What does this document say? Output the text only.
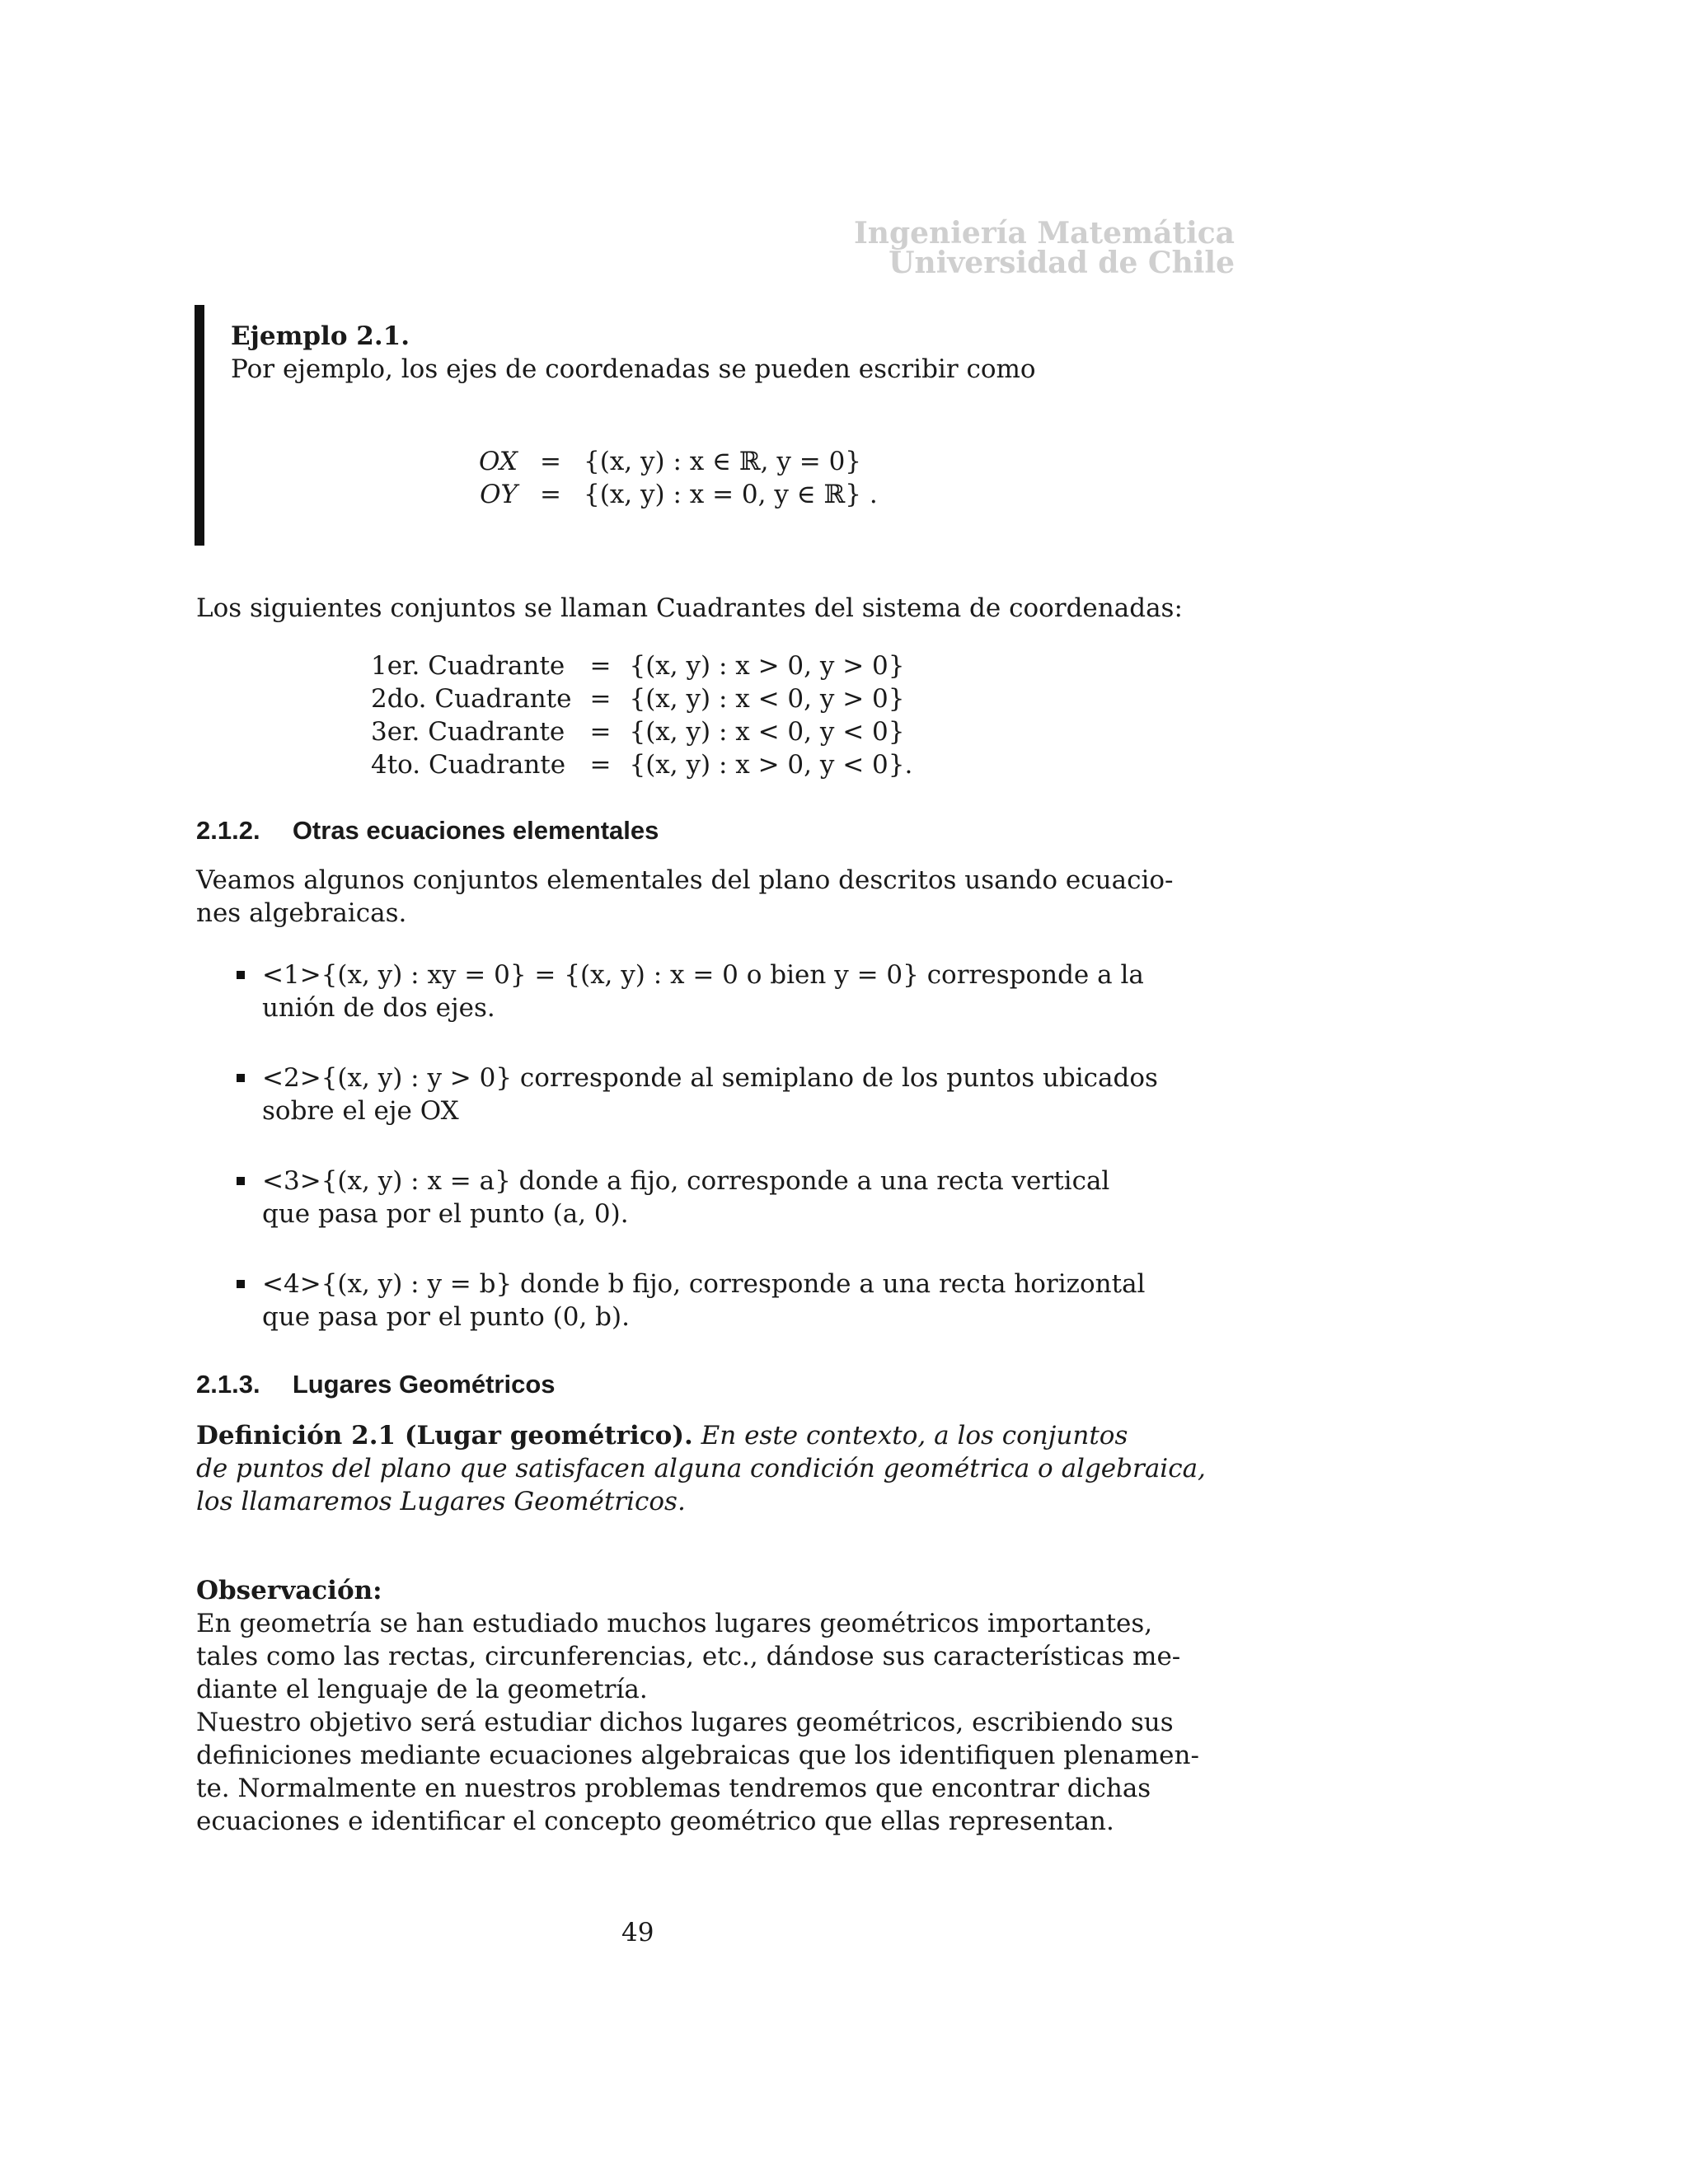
Ingeniería Matemática
Universidad de Chile
Ejemplo 2.1.
Por ejemplo, los ejes de coordenadas se pueden escribir como
OX	=	{(x, y) : x ∈ ℝ, y = 0}
OY	=	{(x, y) : x = 0, y ∈ ℝ} .
Los siguientes conjuntos se llaman Cuadrantes del sistema de coordenadas:
1er. Cuadrante	=	{(x, y) : x > 0, y > 0}
2do. Cuadrante	=	{(x, y) : x < 0, y > 0}
3er. Cuadrante	=	{(x, y) : x < 0, y < 0}
4to. Cuadrante	=	{(x, y) : x > 0, y < 0}.
2.1.2. Otras ecuaciones elementales
Veamos algunos conjuntos elementales del plano descritos usando ecuacio-
nes algebraicas.
<1>{(x, y) : xy = 0} = {(x, y) : x = 0 o bien y = 0} corresponde a la
unión de dos ejes.
<2>{(x, y) : y > 0} corresponde al semiplano de los puntos ubicados
sobre el eje OX
<3>{(x, y) : x = a} donde a fijo, corresponde a una recta vertical
que pasa por el punto (a, 0).
<4>{(x, y) : y = b} donde b fijo, corresponde a una recta horizontal
que pasa por el punto (0, b).
2.1.3. Lugares Geométricos
Definición 2.1 (Lugar geométrico). En este contexto, a los conjuntos
de puntos del plano que satisfacen alguna condición geométrica o algebraica,
los llamaremos Lugares Geométricos.
Observación:
En geometría se han estudiado muchos lugares geométricos importantes,
tales como las rectas, circunferencias, etc., dándose sus características me-
diante el lenguaje de la geometría.
Nuestro objetivo será estudiar dichos lugares geométricos, escribiendo sus
definiciones mediante ecuaciones algebraicas que los identifiquen plenamen-
te. Normalmente en nuestros problemas tendremos que encontrar dichas
ecuaciones e identificar el concepto geométrico que ellas representan.
49
